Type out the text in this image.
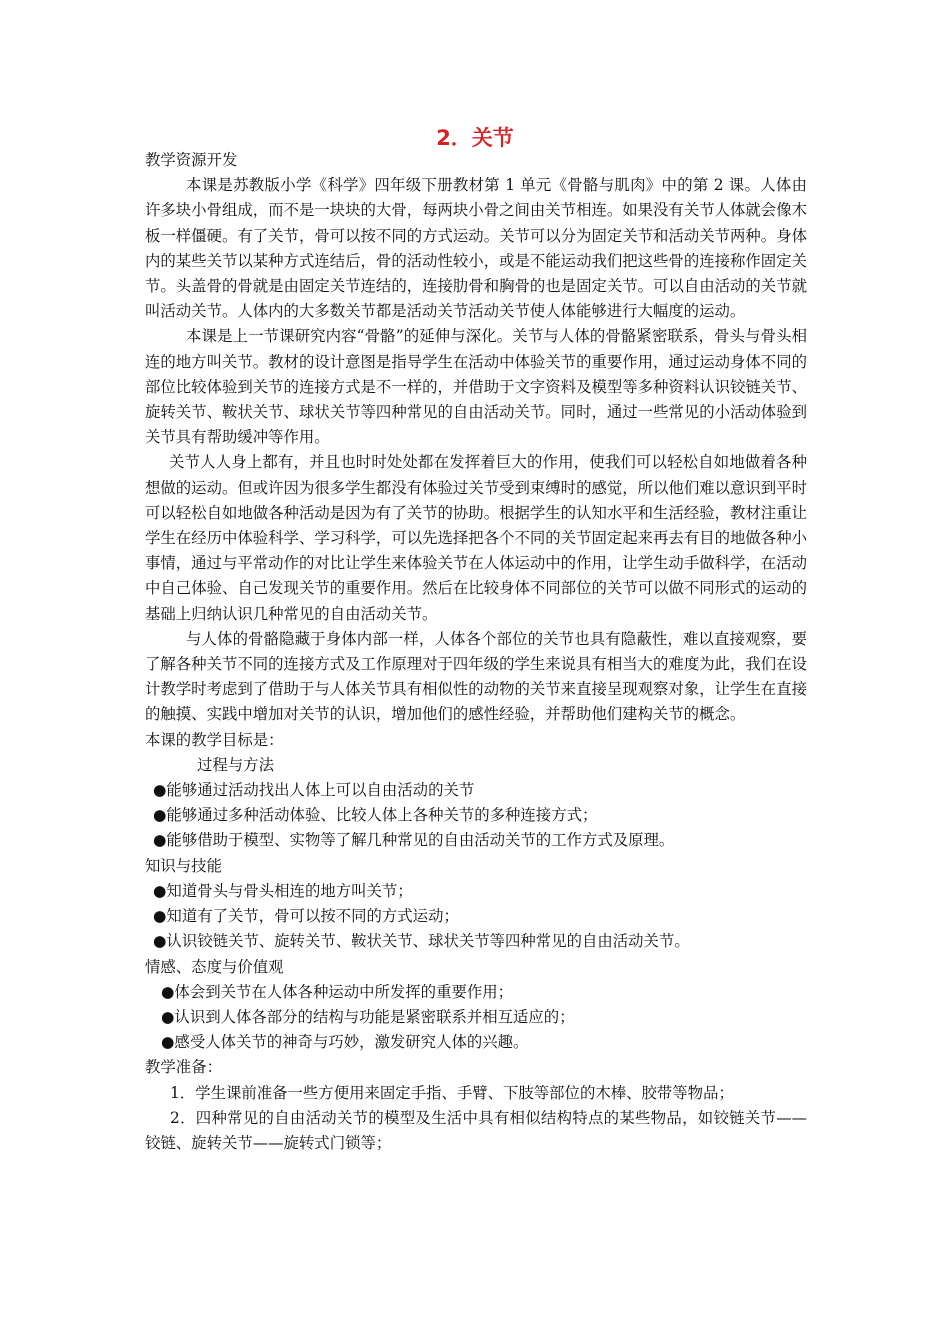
2．关节

教学资源开发

本课是苏教版小学《科学》四年级下册教材第 1 单元《骨骼与肌肉》中的第 2 课。人体由许多块小骨组成，而不是一块块的大骨，每两块小骨之间由关节相连。如果没有关节人体就会像木板一样僵硬。有了关节，骨可以按不同的方式运动。关节可以分为固定关节和活动关节两种。身体内的某些关节以某种方式连结后，骨的活动性较小，或是不能运动我们把这些骨的连接称作固定关节。头盖骨的骨就是由固定关节连结的，连接肋骨和胸骨的也是固定关节。可以自由活动的关节就叫活动关节。人体内的大多数关节都是活动关节活动关节使人体能够进行大幅度的运动。

本课是上一节课研究内容“骨骼”的延伸与深化。关节与人体的骨骼紧密联系，骨头与骨头相连的地方叫关节。教材的设计意图是指导学生在活动中体验关节的重要作用，通过运动身体不同的部位比较体验到关节的连接方式是不一样的，并借助于文字资料及模型等多种资料认识铰链关节、旋转关节、鞍状关节、球状关节等四种常见的自由活动关节。同时，通过一些常见的小活动体验到关节具有帮助缓冲等作用。

关节人人身上都有，并且也时时处处都在发挥着巨大的作用，使我们可以轻松自如地做着各种想做的运动。但或许因为很多学生都没有体验过关节受到束缚时的感觉，所以他们难以意识到平时可以轻松自如地做各种活动是因为有了关节的协助。根据学生的认知水平和生活经验，教材注重让学生在经历中体验科学、学习科学，可以先选择把各个不同的关节固定起来再去有目的地做各种小事情，通过与平常动作的对比让学生来体验关节在人体运动中的作用，让学生动手做科学，在活动中自己体验、自己发现关节的重要作用。然后在比较身体不同部位的关节可以做不同形式的运动的基础上归纳认识几种常见的自由活动关节。

与人体的骨骼隐藏于身体内部一样，人体各个部位的关节也具有隐蔽性，难以直接观察，要了解各种关节不同的连接方式及工作原理对于四年级的学生来说具有相当大的难度为此，我们在设计教学时考虑到了借助于与人体关节具有相似性的动物的关节来直接呈现观察对象，让学生在直接的触摸、实践中增加对关节的认识，增加他们的感性经验，并帮助他们建构关节的概念。

本课的教学目标是：

过程与方法

●能够通过活动找出人体上可以自由活动的关节

●能够通过多种活动体验、比较人体上各种关节的多种连接方式；

●能够借助于模型、实物等了解几种常见的自由活动关节的工作方式及原理。

知识与技能

●知道骨头与骨头相连的地方叫关节；

●知道有了关节，骨可以按不同的方式运动；

●认识铰链关节、旋转关节、鞍状关节、球状关节等四种常见的自由活动关节。

情感、态度与价值观

●体会到关节在人体各种运动中所发挥的重要作用；

●认识到人体各部分的结构与功能是紧密联系并相互适应的；

●感受人体关节的神奇与巧妙，激发研究人体的兴趣。

教学准备：

1．学生课前准备一些方便用来固定手指、手臂、下肢等部位的木棒、胶带等物品；

2．四种常见的自由活动关节的模型及生活中具有相似结构特点的某些物品，如铰链关节——铰链、旋转关节——旋转式门锁等；
